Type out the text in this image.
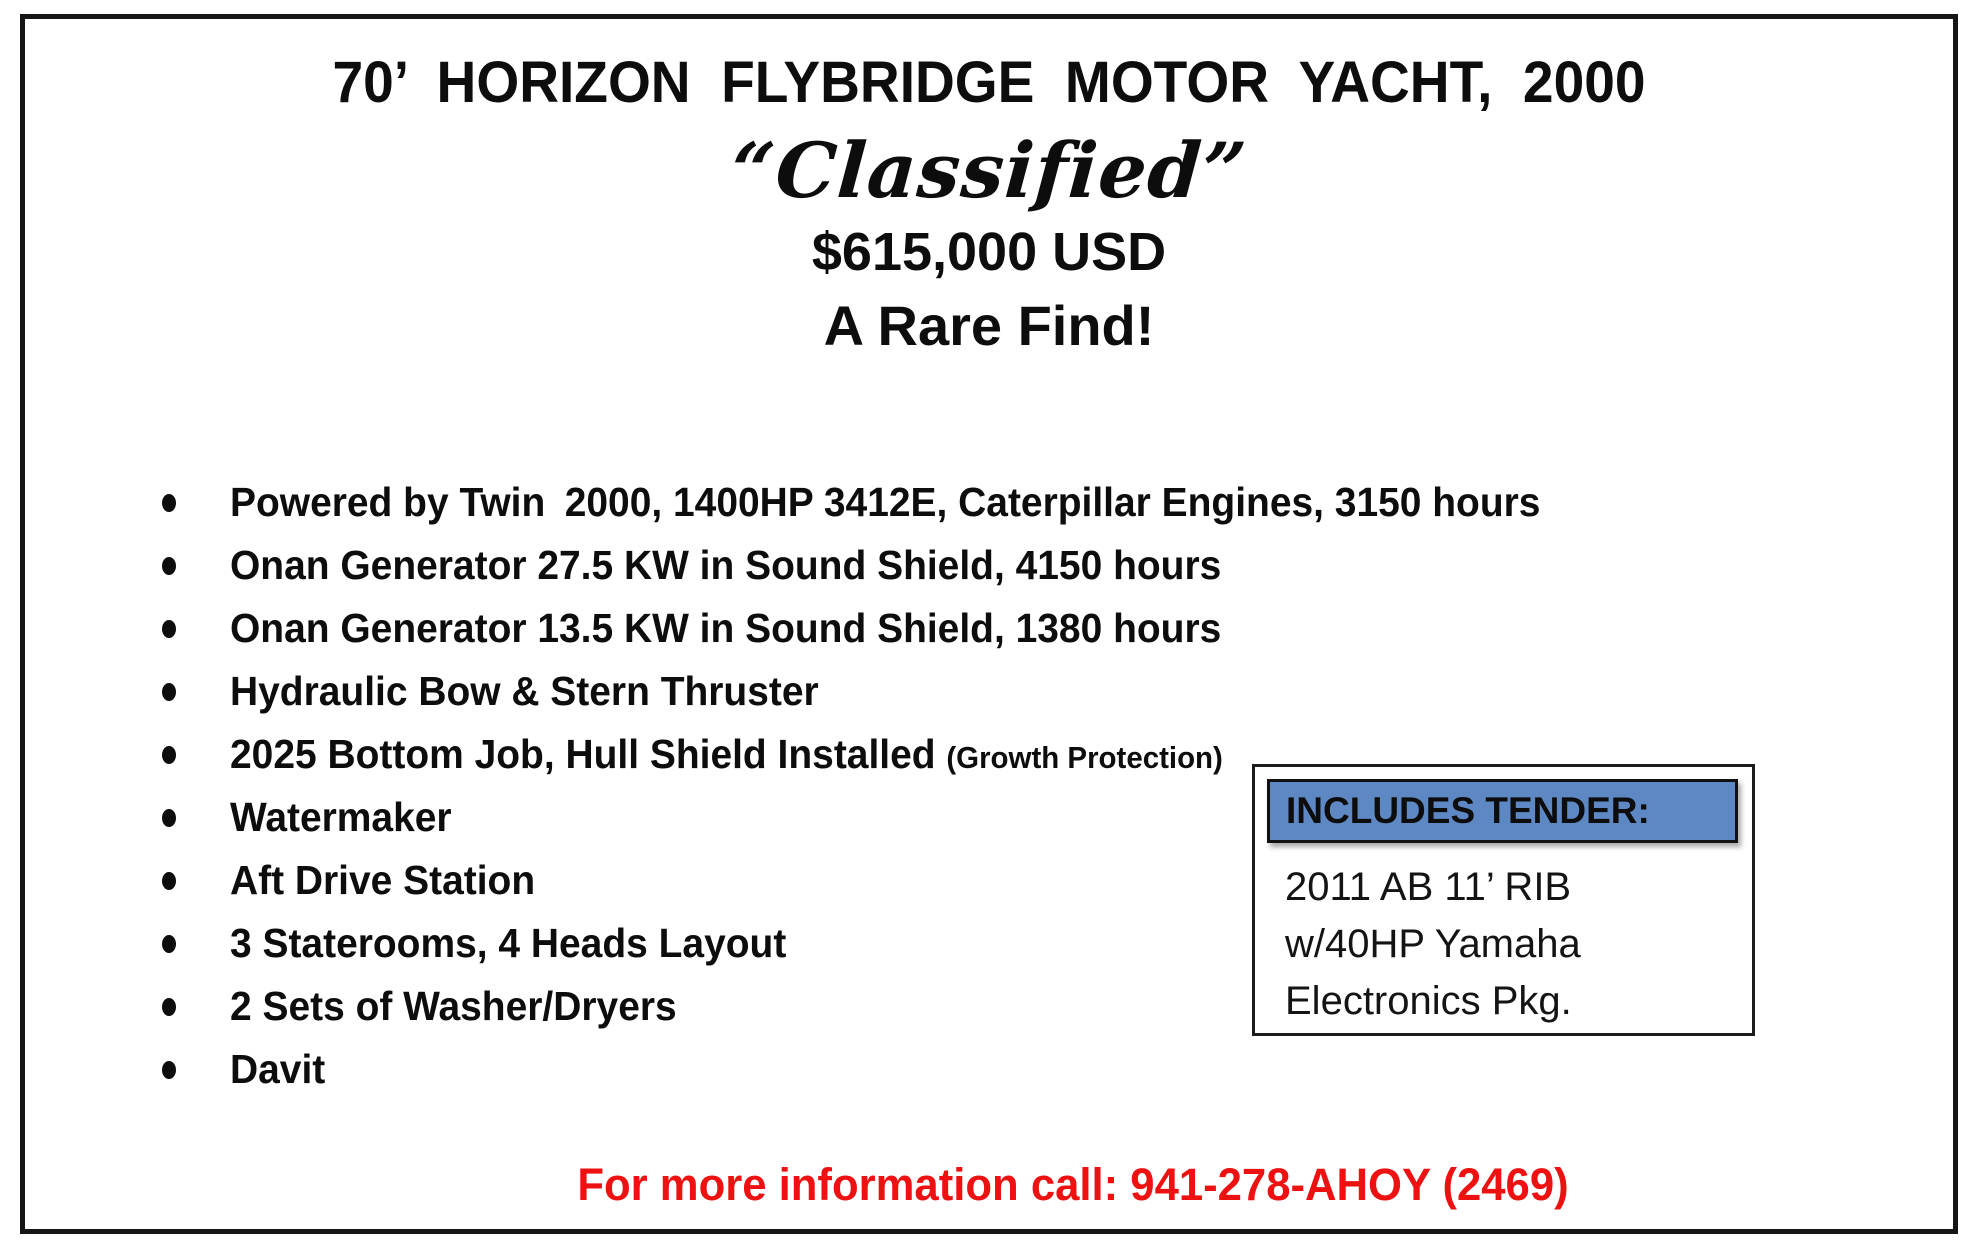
70’ HORIZON FLYBRIDGE MOTOR YACHT, 2000
“Classified”
$615,000 USD
A Rare Find!
Powered by Twin 2000, 1400HP 3412E, Caterpillar Engines, 3150 hours
Onan Generator 27.5 KW in Sound Shield, 4150 hours
Onan Generator 13.5 KW in Sound Shield, 1380 hours
Hydraulic Bow & Stern Thruster
2025 Bottom Job, Hull Shield Installed (Growth Protection)
Watermaker
Aft Drive Station
3 Staterooms, 4 Heads Layout
2 Sets of Washer/Dryers
Davit
INCLUDES TENDER:
2011 AB 11’ RIB
w/40HP Yamaha
Electronics Pkg.
For more information call: 941-278-AHOY (2469)
